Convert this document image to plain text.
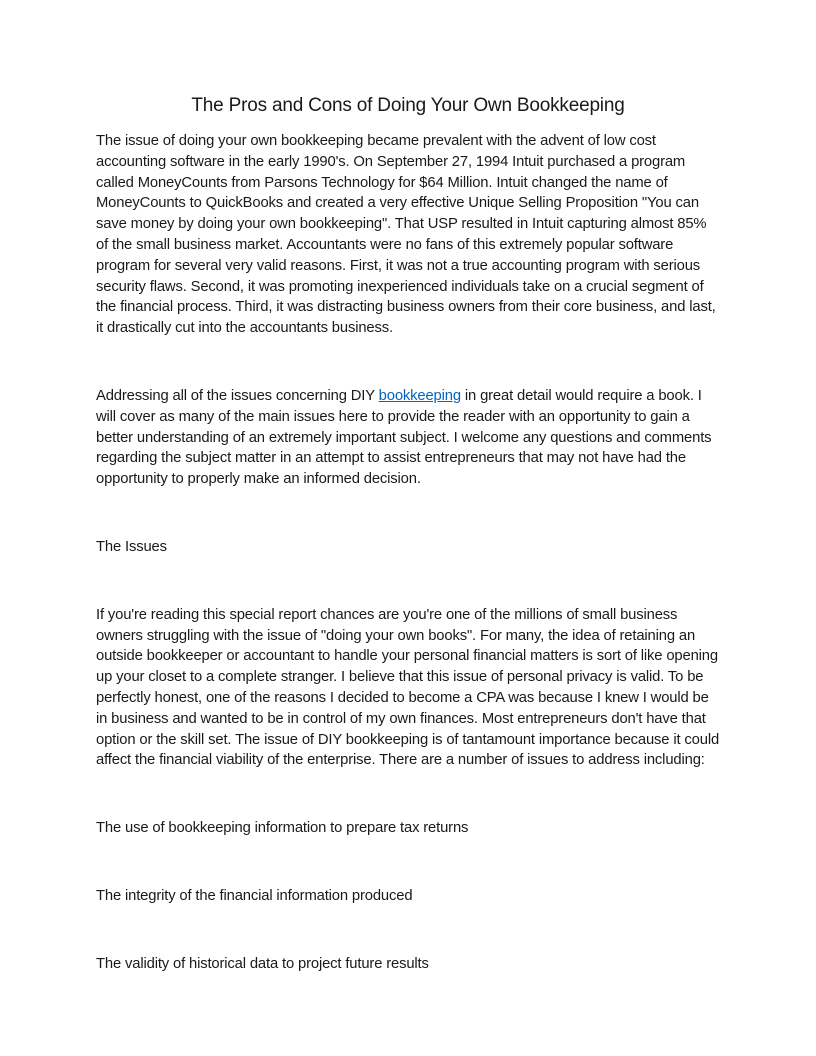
The Pros and Cons of Doing Your Own Bookkeeping

The issue of doing your own bookkeeping became prevalent with the advent of low cost accounting software in the early 1990's. On September 27, 1994 Intuit purchased a program called MoneyCounts from Parsons Technology for $64 Million. Intuit changed the name of MoneyCounts to QuickBooks and created a very effective Unique Selling Proposition "You can save money by doing your own bookkeeping". That USP resulted in Intuit capturing almost 85% of the small business market. Accountants were no fans of this extremely popular software program for several very valid reasons. First, it was not a true accounting program with serious security flaws. Second, it was promoting inexperienced individuals take on a crucial segment of the financial process. Third, it was distracting business owners from their core business, and last, it drastically cut into the accountants business.

Addressing all of the issues concerning DIY bookkeeping in great detail would require a book. I will cover as many of the main issues here to provide the reader with an opportunity to gain a better understanding of an extremely important subject. I welcome any questions and comments regarding the subject matter in an attempt to assist entrepreneurs that may not have had the opportunity to properly make an informed decision.

The Issues

If you're reading this special report chances are you're one of the millions of small business owners struggling with the issue of "doing your own books". For many, the idea of retaining an outside bookkeeper or accountant to handle your personal financial matters is sort of like opening up your closet to a complete stranger. I believe that this issue of personal privacy is valid. To be perfectly honest, one of the reasons I decided to become a CPA was because I knew I would be in business and wanted to be in control of my own finances. Most entrepreneurs don't have that option or the skill set. The issue of DIY bookkeeping is of tantamount importance because it could affect the financial viability of the enterprise. There are a number of issues to address including:

The use of bookkeeping information to prepare tax returns

The integrity of the financial information produced

The validity of historical data to project future results
